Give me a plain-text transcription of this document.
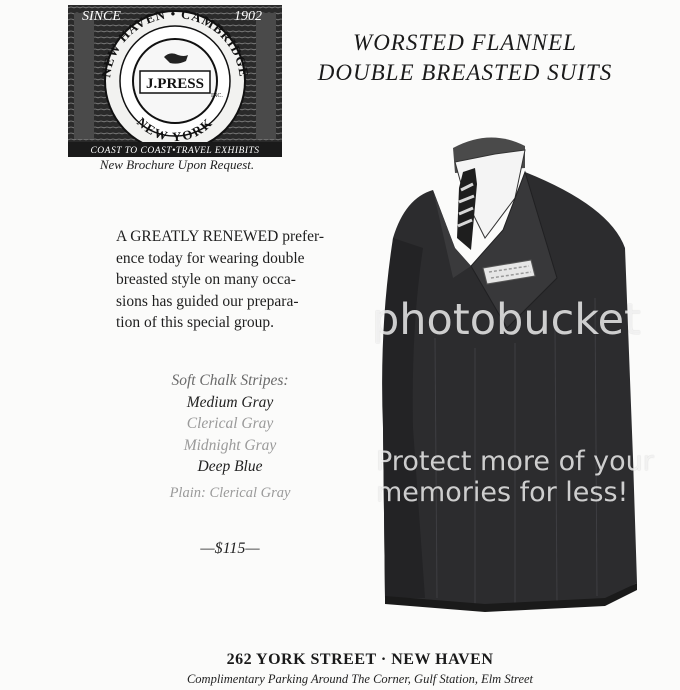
SINCE	1902
NEW HAVEN • CAMBRIDGE
NEW YORK
J.PRESS
INC.
COAST TO COAST•TRAVEL EXHIBITS
New Brochure Upon Request.
WORSTED FLANNEL
DOUBLE BREASTED SUITS
A GREATLY RENEWED prefer-
ence today for wearing double
breasted style on many occa-
sions has guided our prepara-
tion of this special group.
Soft Chalk Stripes:
Medium Gray
Clerical Gray
Midnight Gray
Deep Blue
Plain: Clerical Gray
—$115—
photobucket
Protect more of your memories for less!
262 YORK STREET · NEW HAVEN
Complimentary Parking Around The Corner, Gulf Station, Elm Street
